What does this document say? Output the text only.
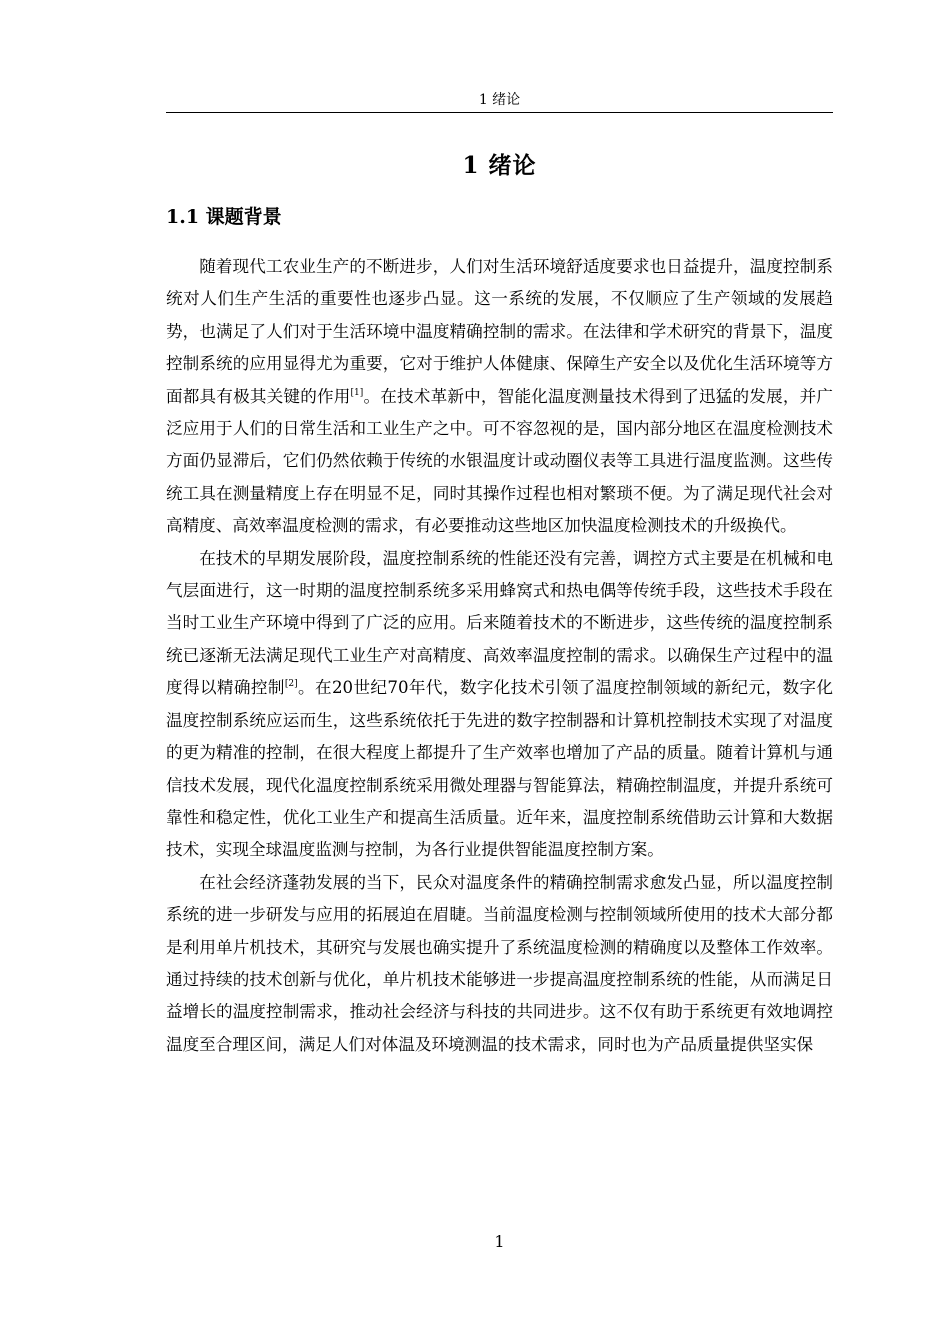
1 绪论
1 绪论
1.1 课题背景

随着现代工农业生产的不断进步，人们对生活环境舒适度要求也日益提升，温度控制系统对人们生产生活的重要性也逐步凸显。这一系统的发展，不仅顺应了生产领域的发展趋势，也满足了人们对于生活环境中温度精确控制的需求。在法律和学术研究的背景下，温度控制系统的应用显得尤为重要，它对于维护人体健康、保障生产安全以及优化生活环境等方面都具有极其关键的作用[1]。在技术革新中，智能化温度测量技术得到了迅猛的发展，并广泛应用于人们的日常生活和工业生产之中。可不容忽视的是，国内部分地区在温度检测技术方面仍显滞后，它们仍然依赖于传统的水银温度计或动圈仪表等工具进行温度监测。这些传统工具在测量精度上存在明显不足，同时其操作过程也相对繁琐不便。为了满足现代社会对高精度、高效率温度检测的需求，有必要推动这些地区加快温度检测技术的升级换代。

在技术的早期发展阶段，温度控制系统的性能还没有完善，调控方式主要是在机械和电气层面进行，这一时期的温度控制系统多采用蜂窝式和热电偶等传统手段，这些技术手段在当时工业生产环境中得到了广泛的应用。后来随着技术的不断进步，这些传统的温度控制系统已逐渐无法满足现代工业生产对高精度、高效率温度控制的需求。以确保生产过程中的温度得以精确控制[2]。在20世纪70年代，数字化技术引领了温度控制领域的新纪元，数字化温度控制系统应运而生，这些系统依托于先进的数字控制器和计算机控制技术实现了对温度的更为精准的控制，在很大程度上都提升了生产效率也增加了产品的质量。随着计算机与通信技术发展，现代化温度控制系统采用微处理器与智能算法，精确控制温度，并提升系统可靠性和稳定性，优化工业生产和提高生活质量。近年来，温度控制系统借助云计算和大数据技术，实现全球温度监测与控制，为各行业提供智能温度控制方案。

在社会经济蓬勃发展的当下，民众对温度条件的精确控制需求愈发凸显，所以温度控制系统的进一步研发与应用的拓展迫在眉睫。当前温度检测与控制领域所使用的技术大部分都是利用单片机技术，其研究与发展也确实提升了系统温度检测的精确度以及整体工作效率。通过持续的技术创新与优化，单片机技术能够进一步提高温度控制系统的性能，从而满足日益增长的温度控制需求，推动社会经济与科技的共同进步。这不仅有助于系统更有效地调控温度至合理区间，满足人们对体温及环境测温的技术需求，同时也为产品质量提供坚实保

1
